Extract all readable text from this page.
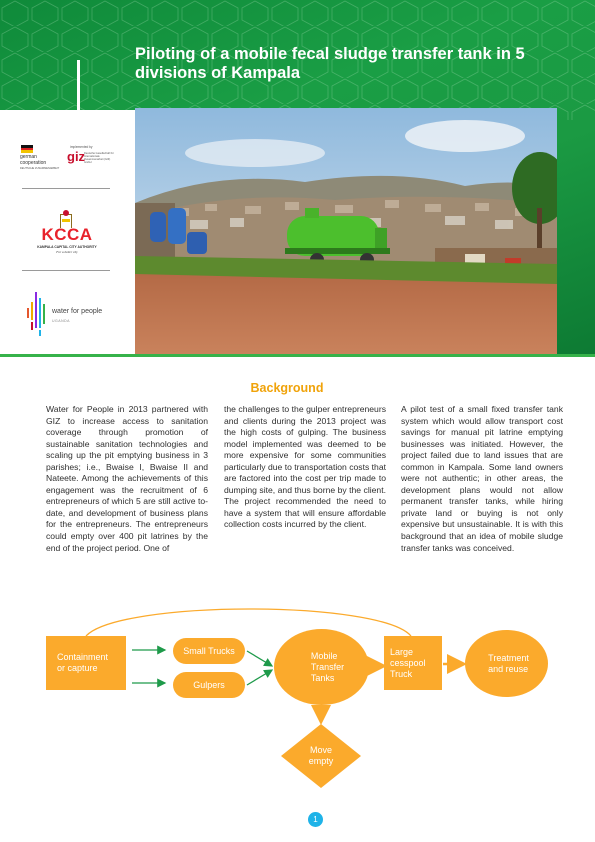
Piloting of a mobile fecal sludge transfer tank in 5 divisions of Kampala
german cooperation
DEUTSCHE ZUSAMMENARBEIT
implemented by
giz
Deutsche Gesellschaft für Internationale Zusammenarbeit (GIZ) GmbH
KCCA
KAMPALA CAPITAL CITY AUTHORITY
For a better city
water for people
UGANDA
Background
Water for People in 2013 partnered with GIZ to increase access to sanitation coverage through promotion of sustainable sanitation technologies and scaling up the pit emptying business in 3 parishes; i.e., Bwaise I, Bwaise II and Nateete. Among the achievements of this engagement was the recruitment of 6 entrepreneurs of which 5 are still active to-date, and development of business plans for the entrepreneurs. The entrepreneurs could empty over 400 pit latrines by the end of the project period. One of
the challenges to the gulper entrepreneurs and clients during the 2013 project was the high costs of gulping. The business model implemented was deemed to be more expensive for some communities particularly due to transportation costs that are factored into the cost per trip made to dumping site, and thus borne by the client. The project recommended the need to have a system that will ensure affordable collection costs incurred by the client.
A pilot test of a small fixed transfer tank system which would allow transport cost savings for manual pit latrine emptying businesses was initiated. However, the project failed due to land issues that are common in Kampala. Some land owners were not authentic; in other areas, the development plans would not allow permanent transfer tanks, while hiring private land or buying is not only expensive but unsustainable. It is with this background that an idea of mobile sludge transfer tanks was conceived.
Containment
or capture
Small Trucks
Gulpers
Mobile
Transfer
Tanks
Large
cesspool
Truck
Treatment
and reuse
Move
empty
1
